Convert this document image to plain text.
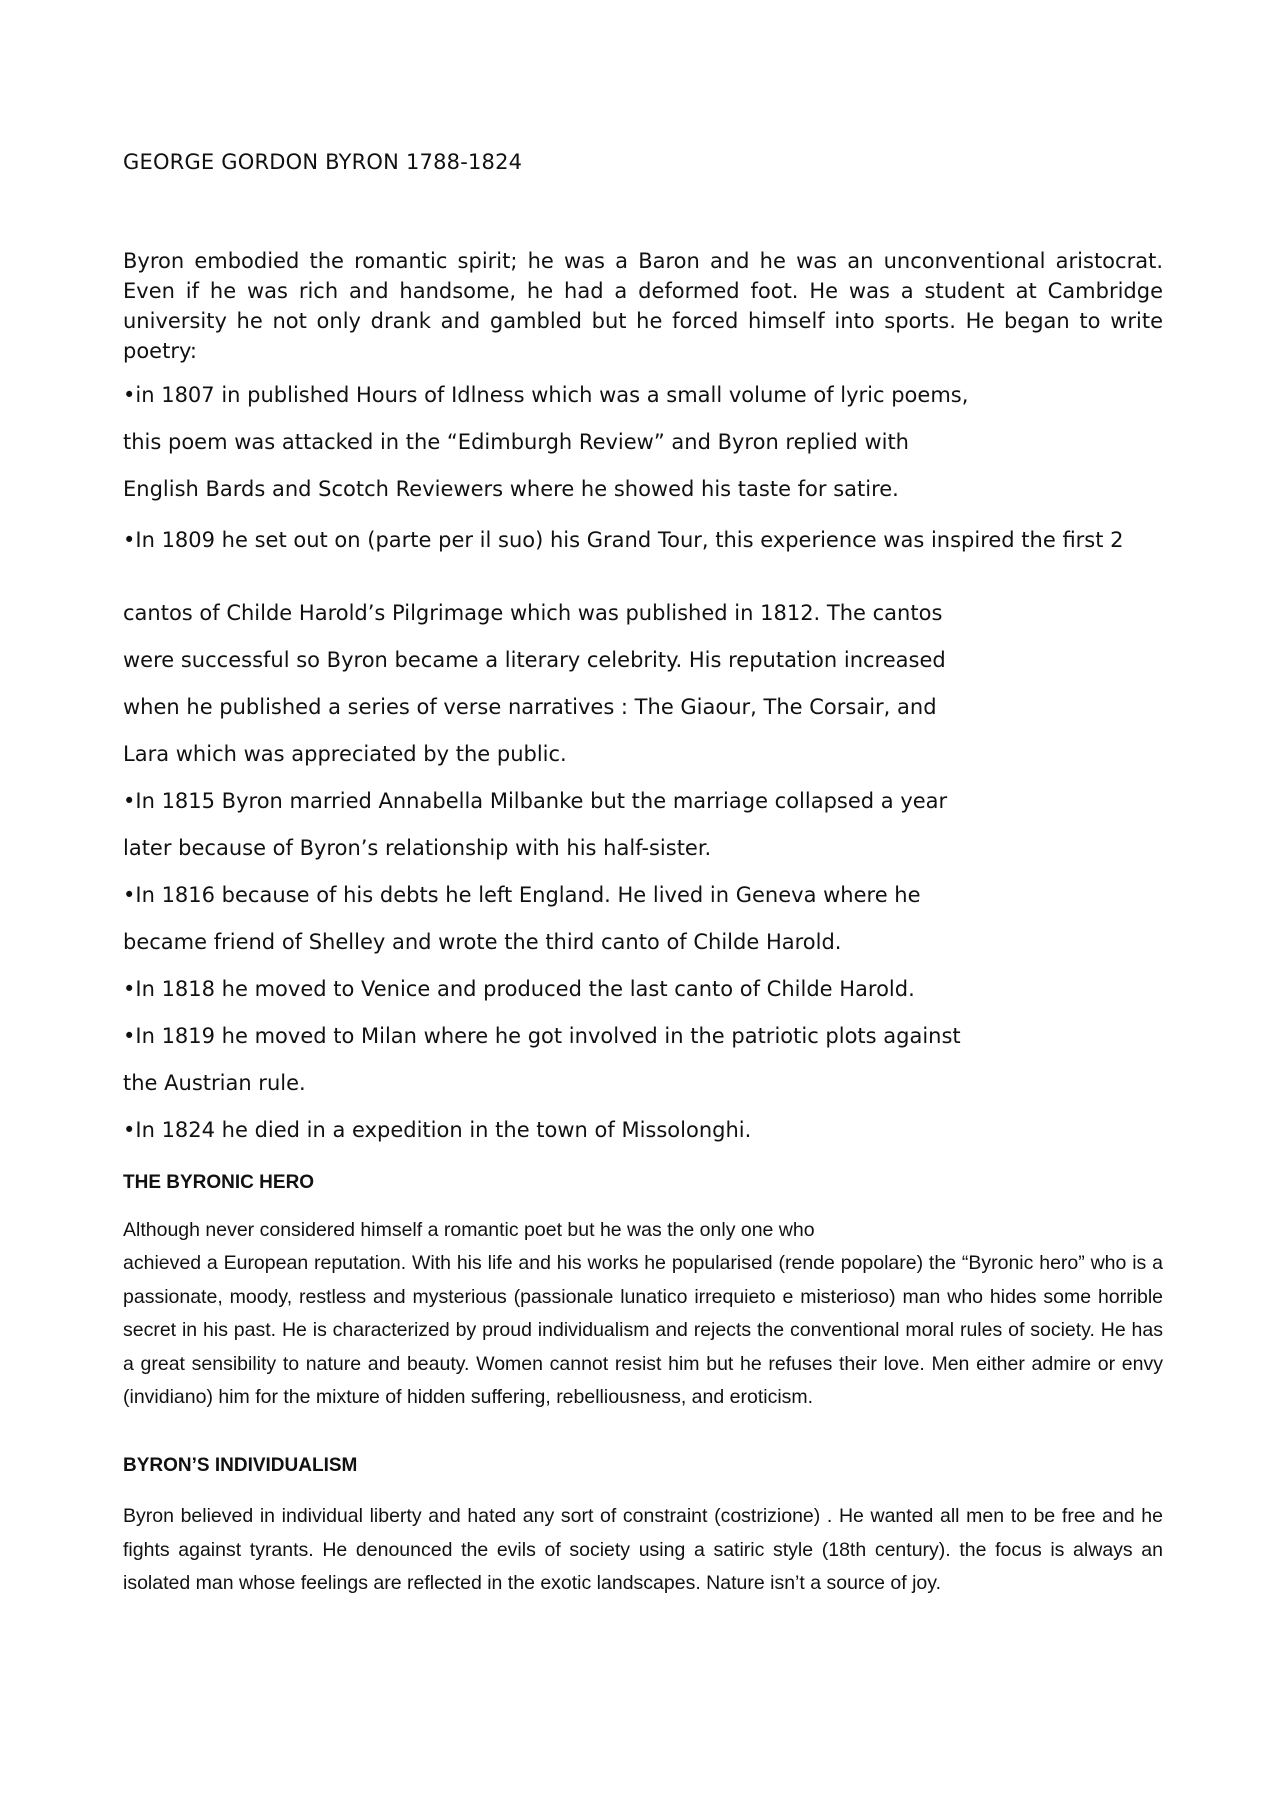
GEORGE GORDON BYRON 1788-1824

Byron embodied the romantic spirit; he was a Baron and he was an unconventional aristocrat. Even if he was rich and handsome, he had a deformed foot. He was a student at Cambridge university he not only drank and gambled but he forced himself into sports. He began to write poetry:

•in 1807 in published Hours of Idlness which was a small volume of lyric poems,
this poem was attacked in the “Edimburgh Review” and Byron replied with
English Bards and Scotch Reviewers where he showed his taste for satire.
•In 1809 he set out on (parte per il suo) his Grand Tour, this experience was inspired the first 2
cantos of Childe Harold’s Pilgrimage which was published in 1812. The cantos
were successful so Byron became a literary celebrity. His reputation increased
when he published a series of verse narratives : The Giaour, The Corsair, and
Lara which was appreciated by the public.
•In 1815 Byron married Annabella Milbanke but the marriage collapsed a year
later because of Byron’s relationship with his half-sister.
•In 1816 because of his debts he left England. He lived in Geneva where he
became friend of Shelley and wrote the third canto of Childe Harold.
•In 1818 he moved to Venice and produced the last canto of Childe Harold.
•In 1819 he moved to Milan where he got involved in the patriotic plots against
the Austrian rule.
•In 1824 he died in a expedition in the town of Missolonghi.
THE BYRONIC HERO
Although never considered himself a romantic poet but he was the only one who

achieved a European reputation. With his life and his works he popularised (rende popolare) the “Byronic hero” who is a passionate, moody, restless and mysterious (passionale lunatico irrequieto e misterioso) man who hides some horrible secret in his past. He is characterized by proud individualism and rejects the conventional moral rules of society. He has a great sensibility to nature and beauty. Women cannot resist him but he refuses their love. Men either admire or envy (invidiano) him for the mixture of hidden suffering, rebelliousness, and eroticism.

BYRON’S INDIVIDUALISM

Byron believed in individual liberty and hated any sort of constraint (costrizione) . He wanted all men to be free and he fights against tyrants. He denounced the evils of society using a satiric style (18th century). the focus is always an isolated man whose feelings are reflected in the exotic landscapes. Nature isn’t a source of joy.
